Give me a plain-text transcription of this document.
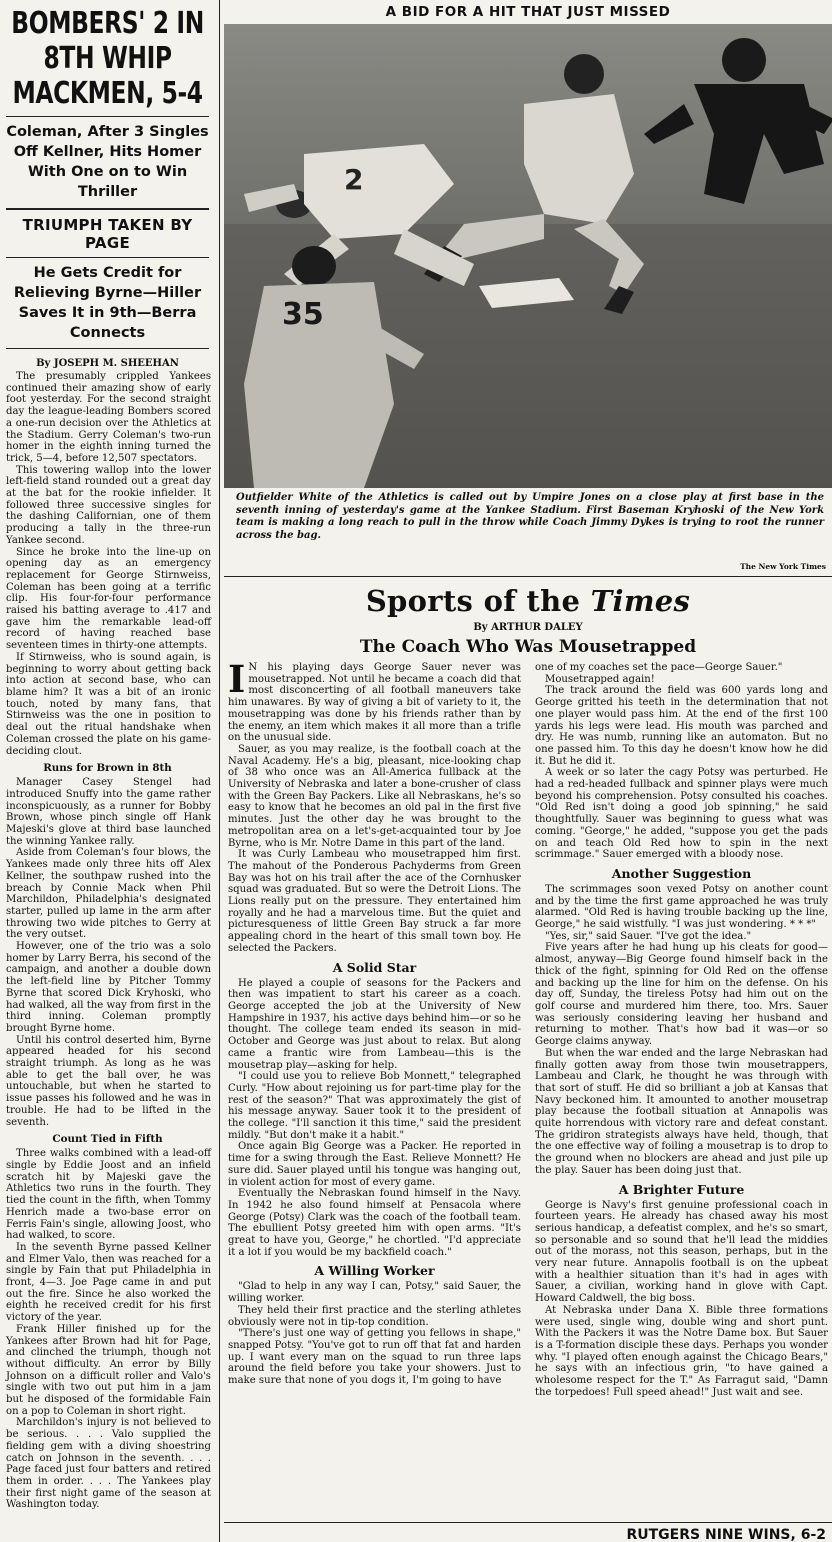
BOMBERS' 2 IN 8TH WHIP MACKMEN, 5-4
Coleman, After 3 Singles Off Kellner, Hits Homer With One on to Win Thriller
TRIUMPH TAKEN BY PAGE
He Gets Credit for Relieving Byrne—Hiller Saves It in 9th—Berra Connects
By JOSEPH M. SHEEHAN

The presumably crippled Yankees continued their amazing show of early foot yesterday. For the second straight day the league-leading Bombers scored a one-run decision over the Athletics at the Stadium. Gerry Coleman's two-run homer in the eighth inning turned the trick, 5—4, before 12,507 spectators.

This towering wallop into the lower left-field stand rounded out a great day at the bat for the rookie infielder. It followed three successive singles for the dashing Californian, one of them producing a tally in the three-run Yankee second.

Since he broke into the line-up on opening day as an emergency replacement for George Stirnweiss, Coleman has been going at a terrific clip. His four-for-four performance raised his batting average to .417 and gave him the remarkable lead-off record of having reached base seventeen times in thirty-one attempts.

If Stirnweiss, who is sound again, is beginning to worry about getting back into action at second base, who can blame him? It was a bit of an ironic touch, noted by many fans, that Stirnweiss was the one in position to deal out the ritual handshake when Coleman crossed the plate on his game-deciding clout.

Runs for Brown in 8th

Manager Casey Stengel had introduced Snuffy into the game rather inconspicuously, as a runner for Bobby Brown, whose pinch single off Hank Majeski's glove at third base launched the winning Yankee rally.

Aside from Coleman's four blows, the Yankees made only three hits off Alex Kellner, the southpaw rushed into the breach by Connie Mack when Phil Marchildon, Philadelphia's designated starter, pulled up lame in the arm after throwing two wide pitches to Gerry at the very outset.

However, one of the trio was a solo homer by Larry Berra, his second of the campaign, and another a double down the left-field line by Pitcher Tommy Byrne that scored Dick Kryhoski, who had walked, all the way from first in the third inning. Coleman promptly brought Byrne home.

Until his control deserted him, Byrne appeared headed for his second straight triumph. As long as he was able to get the ball over, he was untouchable, but when he started to issue passes his followed and he was in trouble. He had to be lifted in the seventh.

Count Tied in Fifth

Three walks combined with a lead-off single by Eddie Joost and an infield scratch hit by Majeski gave the Athletics two runs in the fourth. They tied the count in the fifth, when Tommy Henrich made a two-base error on Ferris Fain's single, allowing Joost, who had walked, to score.

In the seventh Byrne passed Kellner and Elmer Valo, then was reached for a single by Fain that put Philadelphia in front, 4—3. Joe Page came in and put out the fire. Since he also worked the eighth he received credit for his first victory of the year.

Frank Hiller finished up for the Yankees after Brown had hit for Page, and clinched the triumph, though not without difficulty. An error by Billy Johnson on a difficult roller and Valo's single with two out put him in a jam but he disposed of the formidable Fain on a pop to Coleman in short right.

Marchildon's injury is not believed to be serious. . . . Valo supplied the fielding gem with a diving shoestring catch on Johnson in the seventh. . . . Page faced just four batters and retired them in order. . . . The Yankees play their first night game of the season at Washington today.

A BID FOR A HIT THAT JUST MISSED
2
35
Outfielder White of the Athletics is called out by Umpire Jones on a close play at first base in the seventh inning of yesterday's game at the Yankee Stadium. First Baseman Kryhoski of the New York team is making a long reach to pull in the throw while Coach Jimmy Dykes is trying to root the runner across the bag.
The New York Times
Sports of the Times
By ARTHUR DALEY
The Coach Who Was Mousetrapped

I N his playing days George Sauer never was mousetrapped. Not until he became a coach did that most disconcerting of all football maneuvers take him unawares. By way of giving a bit of variety to it, the mousetrapping was done by his friends rather than by the enemy, an item which makes it all more than a trifle on the unusual side.

Sauer, as you may realize, is the football coach at the Naval Academy. He's a big, pleasant, nice-looking chap of 38 who once was an All-America fullback at the University of Nebraska and later a bone-crusher of class with the Green Bay Packers. Like all Nebraskans, he's so easy to know that he becomes an old pal in the first five minutes. Just the other day he was brought to the metropolitan area on a let's-get-acquainted tour by Joe Byrne, who is Mr. Notre Dame in this part of the land.

It was Curly Lambeau who mousetrapped him first. The mahout of the Ponderous Pachyderms from Green Bay was hot on his trail after the ace of the Cornhusker squad was graduated. But so were the Detroit Lions. The Lions really put on the pressure. They entertained him royally and he had a marvelous time. But the quiet and picturesqueness of little Green Bay struck a far more appealing chord in the heart of this small town boy. He selected the Packers.

A Solid Star

He played a couple of seasons for the Packers and then was impatient to start his career as a coach. George accepted the job at the University of New Hampshire in 1937, his active days behind him—or so he thought. The college team ended its season in mid-October and George was just about to relax. But along came a frantic wire from Lambeau—this is the mousetrap play—asking for help.

"I could use you to relieve Bob Monnett," telegraphed Curly. "How about rejoining us for part-time play for the rest of the season?" That was approximately the gist of his message anyway. Sauer took it to the president of the college. "I'll sanction it this time," said the president mildly. "But don't make it a habit."

Once again Big George was a Packer. He reported in time for a swing through the East. Relieve Monnett? He sure did. Sauer played until his tongue was hanging out, in violent action for most of every game.

Eventually the Nebraskan found himself in the Navy. In 1942 he also found himself at Pensacola where George (Potsy) Clark was the coach of the football team. The ebullient Potsy greeted him with open arms. "It's great to have you, George," he chortled. "I'd appreciate it a lot if you would be my backfield coach."

A Willing Worker

"Glad to help in any way I can, Potsy," said Sauer, the willing worker.

They held their first practice and the sterling athletes obviously were not in tip-top condition.

"There's just one way of getting you fellows in shape," snapped Potsy. "You've got to run off that fat and harden up. I want every man on the squad to run three laps around the field before you take your showers. Just to make sure that none of you dogs it, I'm going to have

one of my coaches set the pace—George Sauer."

Mousetrapped again!

The track around the field was 600 yards long and George gritted his teeth in the determination that not one player would pass him. At the end of the first 100 yards his legs were lead. His mouth was parched and dry. He was numb, running like an automaton. But no one passed him. To this day he doesn't know how he did it. But he did it.

A week or so later the cagy Potsy was perturbed. He had a red-headed fullback and spinner plays were much beyond his comprehension. Potsy consulted his coaches. "Old Red isn't doing a good job spinning," he said thoughtfully. Sauer was beginning to guess what was coming. "George," he added, "suppose you get the pads on and teach Old Red how to spin in the next scrimmage." Sauer emerged with a bloody nose.

Another Suggestion

The scrimmages soon vexed Potsy on another count and by the time the first game approached he was truly alarmed. "Old Red is having trouble backing up the line, George," he said wistfully. "I was just wondering. * * *"

"Yes, sir," said Sauer. "I've got the idea."

Five years after he had hung up his cleats for good—almost, anyway—Big George found himself back in the thick of the fight, spinning for Old Red on the offense and backing up the line for him on the defense. On his day off, Sunday, the tireless Potsy had him out on the golf course and murdered him there, too. Mrs. Sauer was seriously considering leaving her husband and returning to mother. That's how bad it was—or so George claims anyway.

But when the war ended and the large Nebraskan had finally gotten away from those twin mousetrappers, Lambeau and Clark, he thought he was through with that sort of stuff. He did so brilliant a job at Kansas that Navy beckoned him. It amounted to another mousetrap play because the football situation at Annapolis was quite horrendous with victory rare and defeat constant. The gridiron strategists always have held, though, that the one effective way of foiling a mousetrap is to drop to the ground when no blockers are ahead and just pile up the play. Sauer has been doing just that.

A Brighter Future

George is Navy's first genuine professional coach in fourteen years. He already has chased away his most serious handicap, a defeatist complex, and he's so smart, so personable and so sound that he'll lead the middies out of the morass, not this season, perhaps, but in the very near future. Annapolis football is on the upbeat with a healthier situation than it's had in ages with Sauer, a civilian, working hand in glove with Capt. Howard Caldwell, the big boss.

At Nebraska under Dana X. Bible three formations were used, single wing, double wing and short punt. With the Packers it was the Notre Dame box. But Sauer is a T-formation disciple these days. Perhaps you wonder why. "I played often enough against the Chicago Bears," he says with an infectious grin, "to have gained a wholesome respect for the T." As Farragut said, "Damn the torpedoes! Full speed ahead!" Just wait and see.

RUTGERS NINE WINS, 6-2
